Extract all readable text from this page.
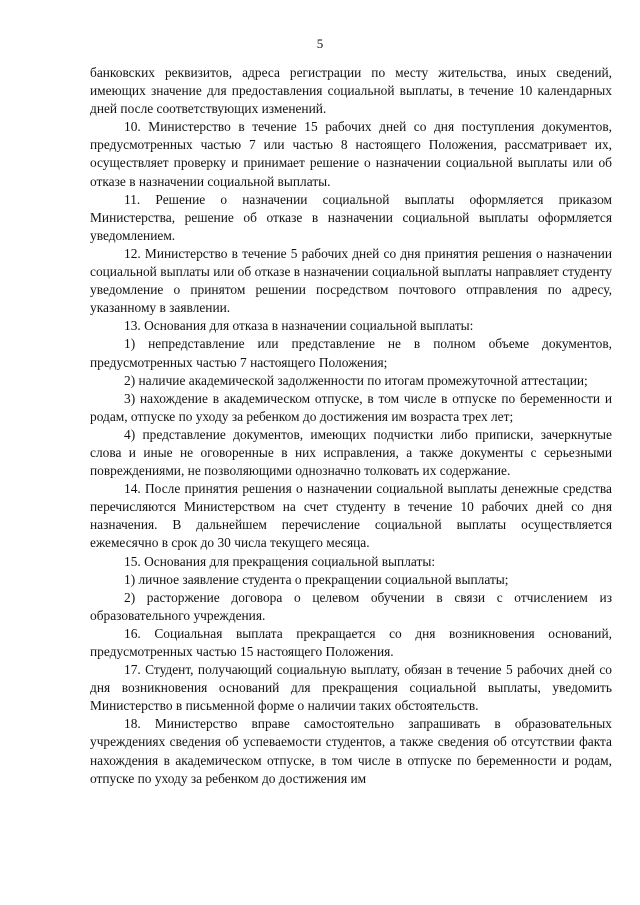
5

банковских реквизитов, адреса регистрации по месту жительства, иных сведений, имеющих значение для предоставления социальной выплаты, в течение 10 календарных дней после соответствующих изменений.

10. Министерство в течение 15 рабочих дней со дня поступления документов, предусмотренных частью 7 или частью 8 настоящего Положения, рассматривает их, осуществляет проверку и принимает решение о назначении социальной выплаты или об отказе в назначении социальной выплаты.

11. Решение о назначении социальной выплаты оформляется приказом Министерства, решение об отказе в назначении социальной выплаты оформляется уведомлением.

12. Министерство в течение 5 рабочих дней со дня принятия решения о назначении социальной выплаты или об отказе в назначении социальной выплаты направляет студенту уведомление о принятом решении посредством почтового отправления по адресу, указанному в заявлении.

13. Основания для отказа в назначении социальной выплаты:

1) непредставление или представление не в полном объеме документов, предусмотренных частью 7 настоящего Положения;

2) наличие академической задолженности по итогам промежуточной аттестации;

3) нахождение в академическом отпуске, в том числе в отпуске по беременности и родам, отпуске по уходу за ребенком до достижения им возраста трех лет;

4) представление документов, имеющих подчистки либо приписки, зачеркнутые слова и иные не оговоренные в них исправления, а также документы с серьезными повреждениями, не позволяющими однозначно толковать их содержание.

14. После принятия решения о назначении социальной выплаты денежные средства перечисляются Министерством на счет студенту в течение 10 рабочих дней со дня назначения. В дальнейшем перечисление социальной выплаты осуществляется ежемесячно в срок до 30 числа текущего месяца.

15. Основания для прекращения социальной выплаты:

1) личное заявление студента о прекращении социальной выплаты;

2) расторжение договора о целевом обучении в связи с отчислением из образовательного учреждения.

16. Социальная выплата прекращается со дня возникновения оснований, предусмотренных частью 15 настоящего Положения.

17. Студент, получающий социальную выплату, обязан в течение 5 рабочих дней со дня возникновения оснований для прекращения социальной выплаты, уведомить Министерство в письменной форме о наличии таких обстоятельств.

18. Министерство вправе самостоятельно запрашивать в образовательных учреждениях сведения об успеваемости студентов, а также сведения об отсутствии факта нахождения в академическом отпуске, в том числе в отпуске по беременности и родам, отпуске по уходу за ребенком до достижения им
